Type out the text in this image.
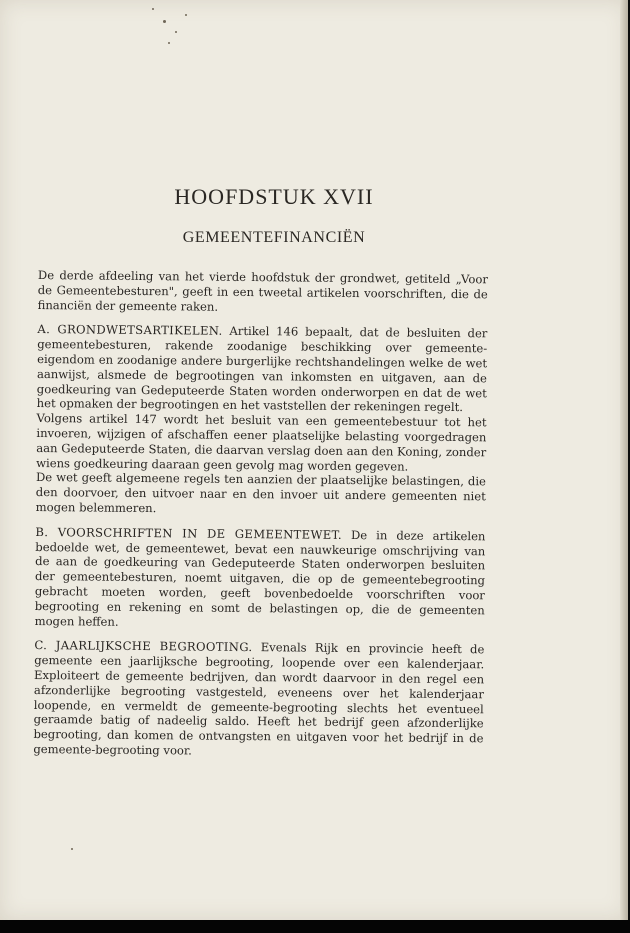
HOOFDSTUK XVII
GEMEENTEFINANCIËN

De derde afdeeling van het vierde hoofdstuk der grondwet, getiteld „Voor de Gemeentebesturen", geeft in een tweetal artikelen voorschriften, die de financiën der gemeente raken.

A. GRONDWETSARTIKELEN. Artikel 146 bepaalt, dat de besluiten der gemeentebesturen, rakende zoodanige beschikking over gemeente-eigendom en zoodanige andere burgerlijke rechtshandelingen welke de wet aanwijst, alsmede de begrootingen van inkomsten en uitgaven, aan de goedkeuring van Gedeputeerde Staten worden onderworpen en dat de wet het opmaken der begrootingen en het vaststellen der rekeningen regelt.

Volgens artikel 147 wordt het besluit van een gemeentebestuur tot het invoeren, wijzigen of afschaffen eener plaatselijke belasting voorgedragen aan Gedeputeerde Staten, die daarvan verslag doen aan den Koning, zonder wiens goedkeuring daaraan geen gevolg mag worden gegeven.

De wet geeft algemeene regels ten aanzien der plaatselijke belastingen, die den doorvoer, den uitvoer naar en den invoer uit andere gemeenten niet mogen belemmeren.

B. VOORSCHRIFTEN IN DE GEMEENTEWET. De in deze artikelen bedoelde wet, de gemeentewet, bevat een nauwkeurige omschrijving van de aan de goedkeuring van Gedeputeerde Staten onderworpen besluiten der gemeentebesturen, noemt uitgaven, die op de gemeentebegrooting gebracht moeten worden, geeft bovenbedoelde voorschriften voor begrooting en rekening en somt de belastingen op, die de gemeenten mogen heffen.

C. JAARLIJKSCHE BEGROOTING. Evenals Rijk en provincie heeft de gemeente een jaarlijksche begrooting, loopende over een kalenderjaar. Exploiteert de gemeente bedrijven, dan wordt daarvoor in den regel een afzonderlijke begrooting vastgesteld, eveneens over het kalenderjaar loopende, en vermeldt de gemeente-begrooting slechts het eventueel geraamde batig of nadeelig saldo. Heeft het bedrijf geen afzonderlijke begrooting, dan komen de ontvangsten en uitgaven voor het bedrijf in de gemeente-begrooting voor.
